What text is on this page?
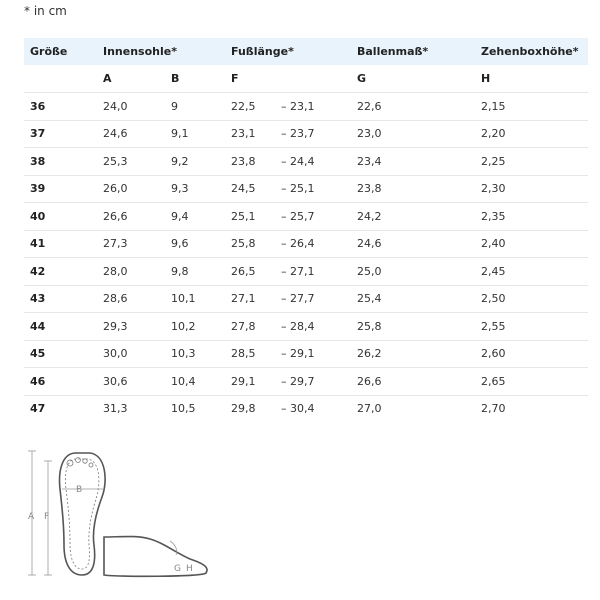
* in cm
Größe	Innensohle*		Fußlänge*		Ballenmaß*	Zehenboxhöhe*
	A	B	F		G	H
36	24,0	9	22,5	– 23,1	22,6	2,15
37	24,6	9,1	23,1	– 23,7	23,0	2,20
38	25,3	9,2	23,8	– 24,4	23,4	2,25
39	26,0	9,3	24,5	– 25,1	23,8	2,30
40	26,6	9,4	25,1	– 25,7	24,2	2,35
41	27,3	9,6	25,8	– 26,4	24,6	2,40
42	28,0	9,8	26,5	– 27,1	25,0	2,45
43	28,6	10,1	27,1	– 27,7	25,4	2,50
44	29,3	10,2	27,8	– 28,4	25,8	2,55
45	30,0	10,3	28,5	– 29,1	26,2	2,60
46	30,6	10,4	29,1	– 29,7	26,6	2,65
47	31,3	10,5	29,8	– 30,4	27,0	2,70
A F
B
G H
